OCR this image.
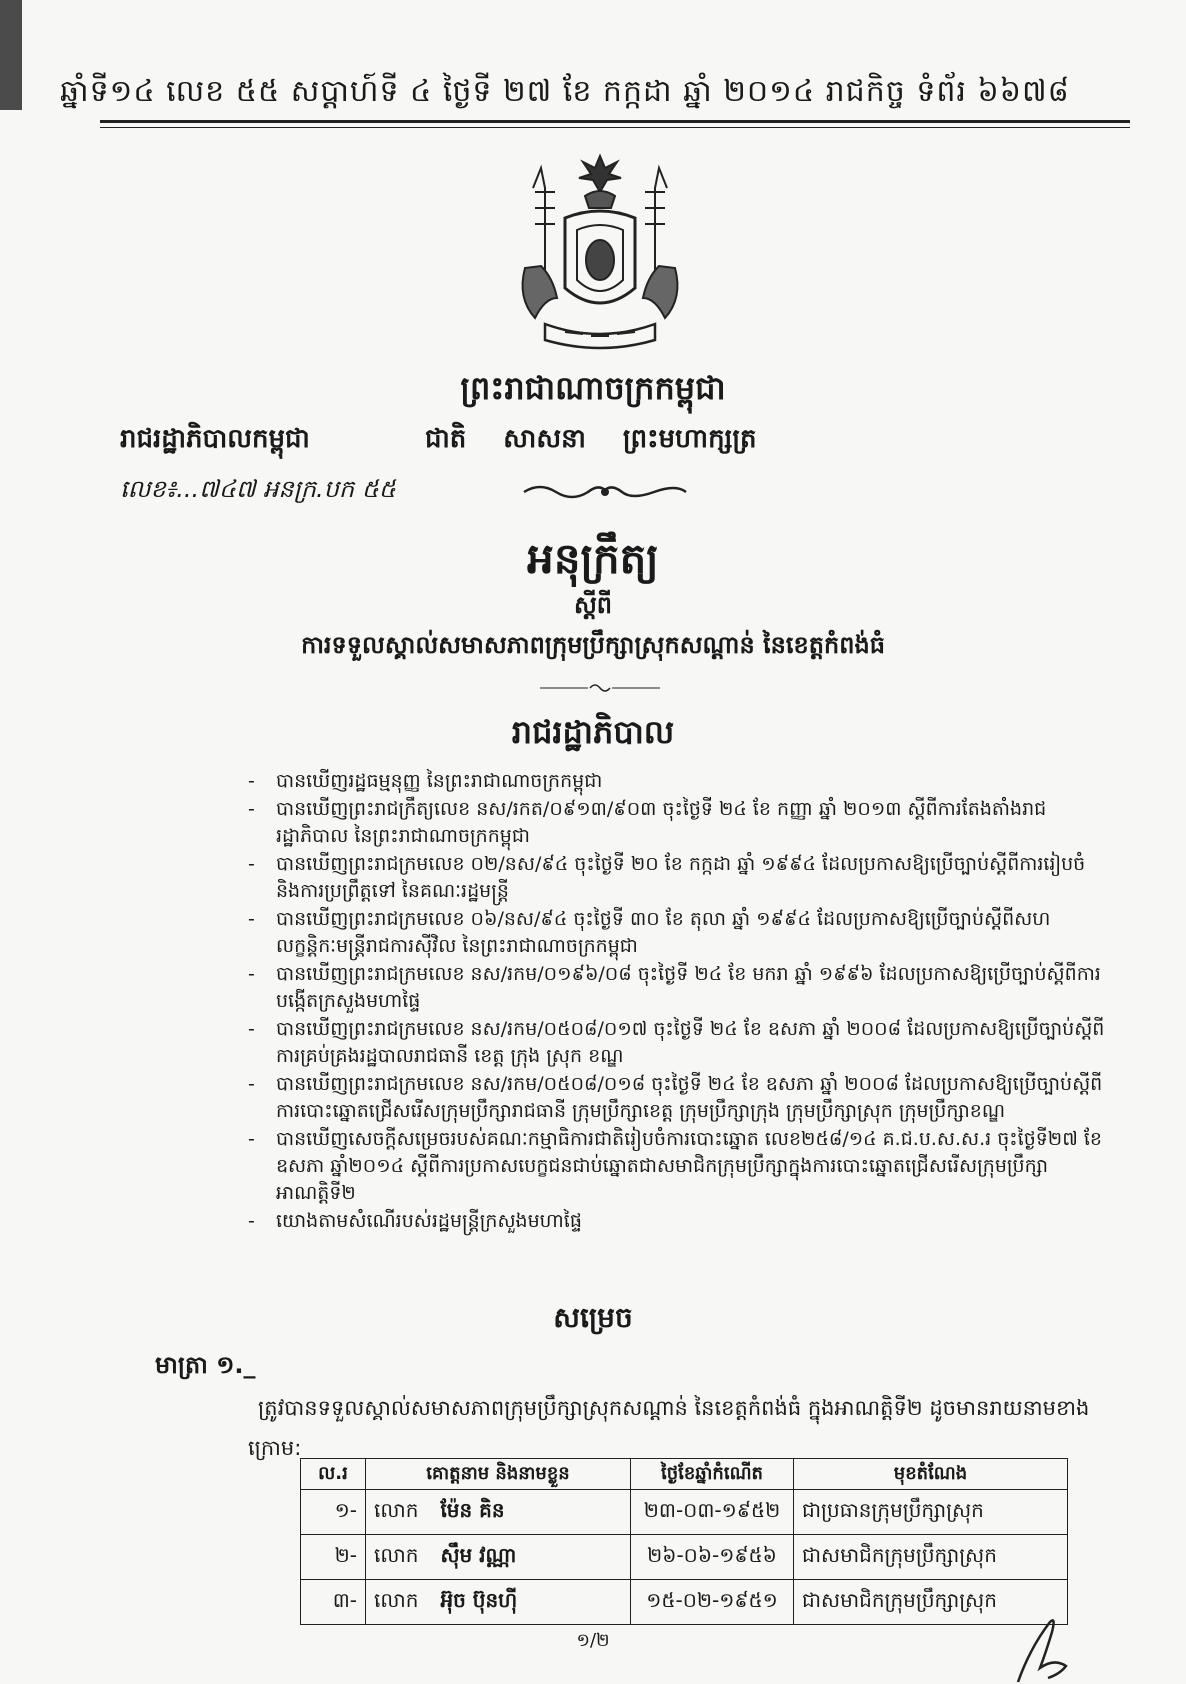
ឆ្នាំទី១៤ លេខ ៥៥ សប្តាហ៍ទី ៤ ថ្ងៃទី ២៧ ខែ កក្កដា ឆ្នាំ ២០១៤ រាជកិច្ច ទំព័រ ៦៦៧៨
ព្រះរាជាណាចក្រកម្ពុជា
រាជរដ្ឋាភិបាលកម្ពុជា	ជាតិ សាសនា ព្រះមហាក្សត្រ
លេខ៖...៧៤៧ អនក្រ.បក ៥៥
អនុក្រឹត្យ
ស្តីពី
ការទទួលស្គាល់សមាសភាពក្រុមប្រឹក្សាស្រុកសណ្តាន់ នៃខេត្តកំពង់ធំ
រាជរដ្ឋាភិបាល
- បានឃើញរដ្ឋធម្មនុញ្ញ នៃព្រះរាជាណាចក្រកម្ពុជា
- បានឃើញព្រះរាជក្រឹត្យលេខ នស/រកត/០៩១៣/៩០៣ ចុះថ្ងៃទី ២៤ ខែ កញ្ញា ឆ្នាំ ២០១៣ ស្តីពីការតែងតាំងរាជរដ្ឋាភិបាល នៃព្រះរាជាណាចក្រកម្ពុជា
- បានឃើញព្រះរាជក្រមលេខ ០២/នស/៩៤ ចុះថ្ងៃទី ២០ ខែ កក្កដា ឆ្នាំ ១៩៩៤ ដែលប្រកាសឱ្យប្រើច្បាប់ស្តីពីការរៀបចំ និងការប្រព្រឹត្តទៅ នៃគណៈរដ្ឋមន្ត្រី
- បានឃើញព្រះរាជក្រមលេខ ០៦/នស/៩៤ ចុះថ្ងៃទី ៣០ ខែ តុលា ឆ្នាំ ១៩៩៤ ដែលប្រកាសឱ្យប្រើច្បាប់ស្តីពីសហលក្ខន្តិកៈមន្ត្រីរាជការស៊ីវិល នៃព្រះរាជាណាចក្រកម្ពុជា
- បានឃើញព្រះរាជក្រមលេខ នស/រកម/០១៩៦/០៨ ចុះថ្ងៃទី ២៤ ខែ មករា ឆ្នាំ ១៩៩៦ ដែលប្រកាសឱ្យប្រើច្បាប់ស្តីពីការបង្កើតក្រសួងមហាផ្ទៃ
- បានឃើញព្រះរាជក្រមលេខ នស/រកម/០៥០៨/០១៧ ចុះថ្ងៃទី ២៤ ខែ ឧសភា ឆ្នាំ ២០០៨ ដែលប្រកាសឱ្យប្រើច្បាប់ស្តីពីការគ្រប់គ្រងរដ្ឋបាលរាជធានី ខេត្ត ក្រុង ស្រុក ខណ្ឌ
- បានឃើញព្រះរាជក្រមលេខ នស/រកម/០៥០៨/០១៨ ចុះថ្ងៃទី ២៤ ខែ ឧសភា ឆ្នាំ ២០០៨ ដែលប្រកាសឱ្យប្រើច្បាប់ស្តីពីការបោះឆ្នោតជ្រើសរើសក្រុមប្រឹក្សារាជធានី ក្រុមប្រឹក្សាខេត្ត ក្រុមប្រឹក្សាក្រុង ក្រុមប្រឹក្សាស្រុក ក្រុមប្រឹក្សាខណ្ឌ
- បានឃើញសេចក្តីសម្រេចរបស់គណៈកម្មាធិការជាតិរៀបចំការបោះឆ្នោត លេខ២៥៨/១៤ គ.ជ.ប.ស.ស.រ ចុះថ្ងៃទី២៧ ខែឧសភា ឆ្នាំ២០១៤ ស្តីពីការប្រកាសបេក្ខជនជាប់ឆ្នោតជាសមាជិកក្រុមប្រឹក្សាក្នុងការបោះឆ្នោតជ្រើសរើសក្រុមប្រឹក្សា អាណត្តិទី២
- យោងតាមសំណើរបស់រដ្ឋមន្ត្រីក្រសួងមហាផ្ទៃ
សម្រេច
មាត្រា ១._
ត្រូវបានទទួលស្គាល់សមាសភាពក្រុមប្រឹក្សាស្រុកសណ្តាន់ នៃខេត្តកំពង់ធំ ក្នុងអាណត្តិទី២ ដូចមានរាយនាមខាងក្រោម:
ល.រ	គោត្តនាម និងនាមខ្លួន	ថ្ងៃខែឆ្នាំកំណើត	មុខតំណែង
១-	លោក ម៉ែន គិន	២៣-០៣-១៩៥២	ជាប្រធានក្រុមប្រឹក្សាស្រុក
២-	លោក ស៊ឹម វណ្ណា	២៦-០៦-១៩៥៦	ជាសមាជិកក្រុមប្រឹក្សាស្រុក
៣-	លោក អ៊ុច ប៊ុនហ៊ី	១៥-០២-១៩៥១	ជាសមាជិកក្រុមប្រឹក្សាស្រុក
១/២
